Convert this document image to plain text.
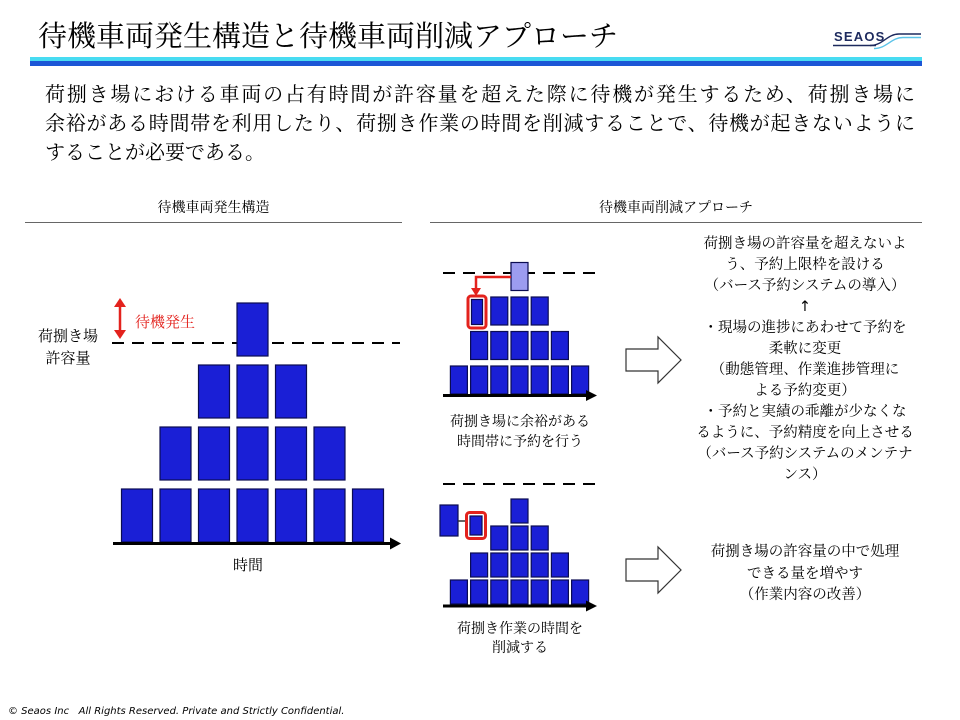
SEAOS
待機車両発生構造と待機車両削減アプローチ
荷捌き場における車両の占有時間が許容量を超えた際に待機が発生するため、荷捌き場に
余裕がある時間帯を利用したり、荷捌き作業の時間を削減することで、待機が起きないように
することが必要である。
待機車両発生構造	待機車両削減アプローチ
荷捌き場
許容量
待機発生
時間
荷捌き場に余裕がある
時間帯に予約を行う
荷捌き場の許容量を超えないよ
う、予約上限枠を設ける
（バース予約システムの導入）
↑
・現場の進捗にあわせて予約を
柔軟に変更
（動態管理、作業進捗管理に
よる予約変更）
・予約と実績の乖離が少なくな
るように、予約精度を向上させる
（バース予約システムのメンテナ
ンス）
荷捌き作業の時間を
削減する
荷捌き場の許容量の中で処理
できる量を増やす
（作業内容の改善）
© Seaos Inc   All Rights Reserved. Private and Strictly Confidential.
